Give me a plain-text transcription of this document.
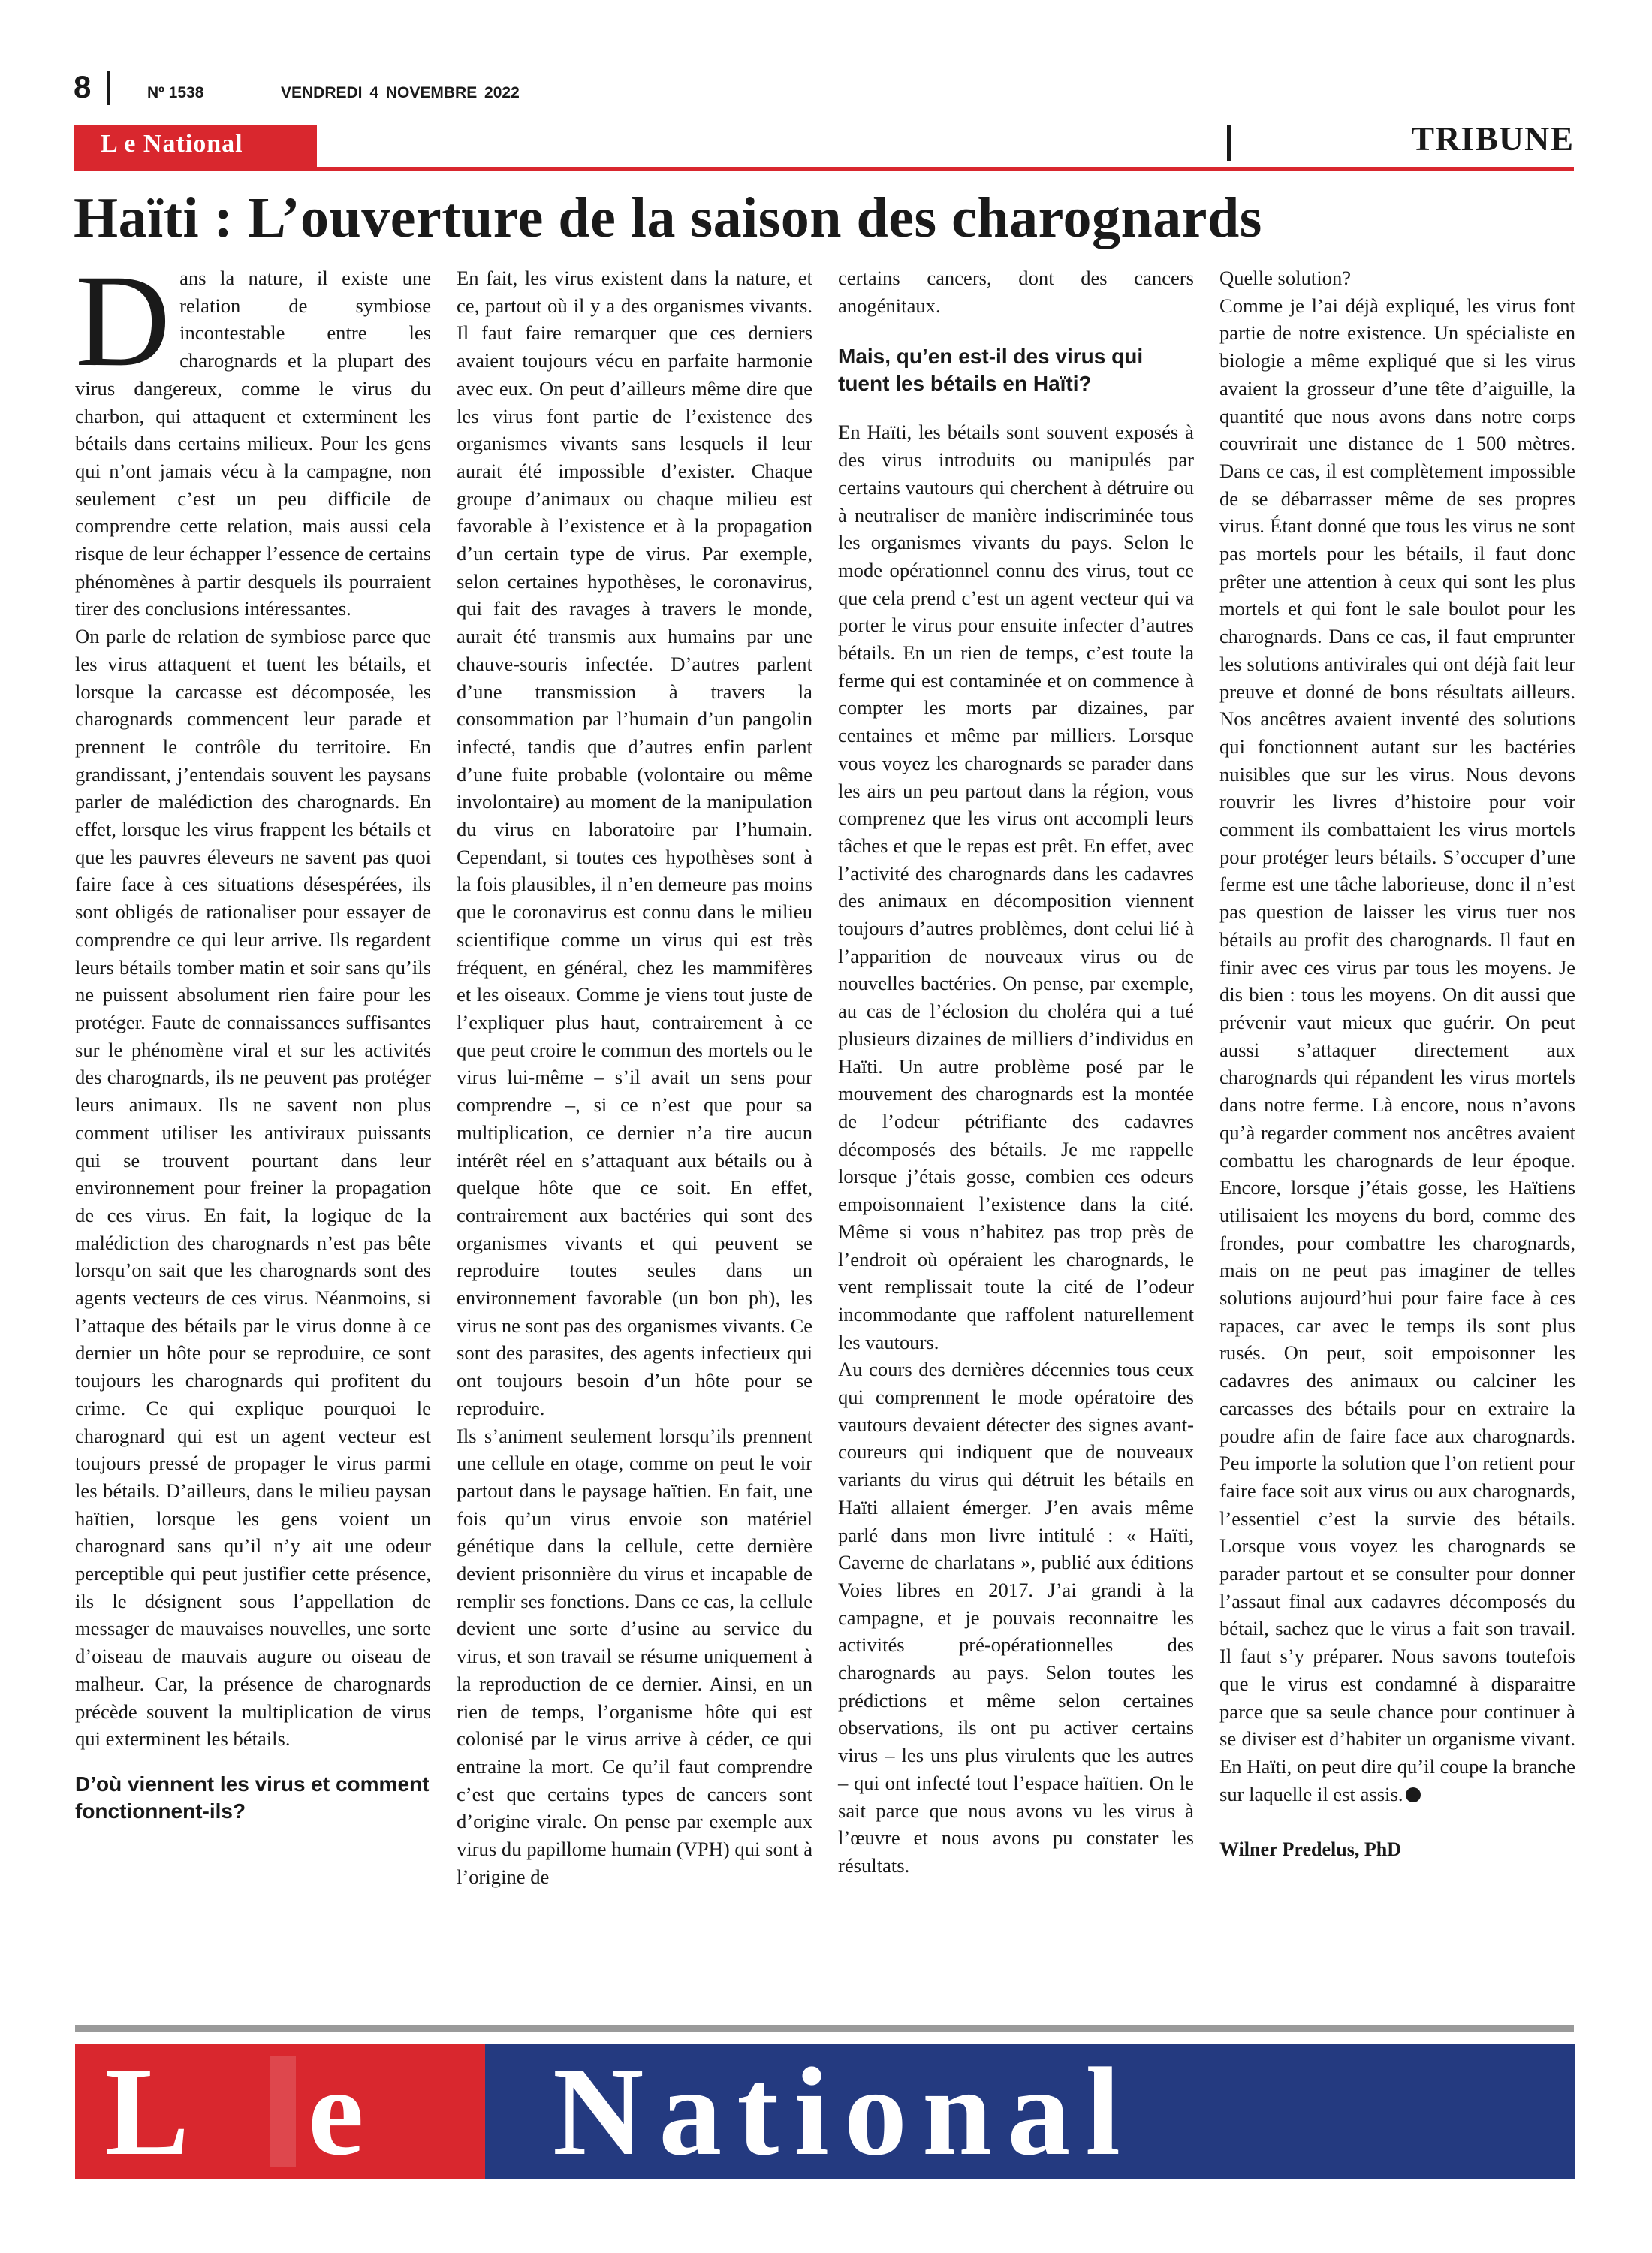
8	Nº 1538	VENDREDI 4 NOVEMBRE 2022
L e National	TRIBUNE
Haïti : L’ouverture de la saison des charognards

Dans la nature, il existe une relation de symbiose incontestable entre les charognards et la plupart des virus dangereux, comme le virus du charbon, qui attaquent et exterminent les bétails dans certains milieux. Pour les gens qui n’ont jamais vécu à la campagne, non seulement c’est un peu difficile de comprendre cette relation, mais aussi cela risque de leur échapper l’essence de certains phénomènes à partir desquels ils pourraient tirer des conclusions intéressantes.

On parle de relation de symbiose parce que les virus attaquent et tuent les bétails, et lorsque la carcasse est décomposée, les charognards commencent leur parade et prennent le contrôle du territoire. En grandissant, j’entendais souvent les paysans parler de malédiction des charognards. En effet, lorsque les virus frappent les bétails et que les pauvres éleveurs ne savent pas quoi faire face à ces situations désespérées, ils sont obligés de rationaliser pour essayer de comprendre ce qui leur arrive. Ils regardent leurs bétails tomber matin et soir sans qu’ils ne puissent absolument rien faire pour les protéger. Faute de connaissances suffisantes sur le phénomène viral et sur les activités des charognards, ils ne peuvent pas protéger leurs animaux. Ils ne savent non plus comment utiliser les antiviraux puissants qui se trouvent pourtant dans leur environnement pour freiner la propagation de ces virus. En fait, la logique de la malédiction des charognards n’est pas bête lorsqu’on sait que les charognards sont des agents vecteurs de ces virus. Néanmoins, si l’attaque des bétails par le virus donne à ce dernier un hôte pour se reproduire, ce sont toujours les charognards qui profitent du crime. Ce qui explique pourquoi le charognard qui est un agent vecteur est toujours pressé de propager le virus parmi les bétails. D’ailleurs, dans le milieu paysan haïtien, lorsque les gens voient un charognard sans qu’il n’y ait une odeur perceptible qui peut justifier cette présence, ils le désignent sous l’appellation de messager de mauvaises nouvelles, une sorte d’oiseau de mauvais augure ou oiseau de malheur. Car, la présence de charognards précède souvent la multiplication de virus qui exterminent les bétails.

D’où viennent les virus et comment fonctionnent-ils?

En fait, les virus existent dans la nature, et ce, partout où il y a des organismes vivants. Il faut faire remarquer que ces derniers avaient toujours vécu en parfaite harmonie avec eux. On peut d’ailleurs même dire que les virus font partie de l’existence des organismes vivants sans lesquels il leur aurait été impossible d’exister. Chaque groupe d’animaux ou chaque milieu est favorable à l’existence et à la propagation d’un certain type de virus. Par exemple, selon certaines hypothèses, le coronavirus, qui fait des ravages à travers le monde, aurait été transmis aux humains par une chauve-souris infectée. D’autres parlent d’une transmission à travers la consommation par l’humain d’un pangolin infecté, tandis que d’autres enfin parlent d’une fuite probable (volontaire ou même involontaire) au moment de la manipulation du virus en laboratoire par l’humain. Cependant, si toutes ces hypothèses sont à la fois plausibles, il n’en demeure pas moins que le coronavirus est connu dans le milieu scientifique comme un virus qui est très fréquent, en général, chez les mammifères et les oiseaux. Comme je viens tout juste de l’expliquer plus haut, contrairement à ce que peut croire le commun des mortels ou le virus lui-même – s’il avait un sens pour comprendre –, si ce n’est que pour sa multiplication, ce dernier n’a tire aucun intérêt réel en s’attaquant aux bétails ou à quelque hôte que ce soit. En effet, contrairement aux bactéries qui sont des organismes vivants et qui peuvent se reproduire toutes seules dans un environnement favorable (un bon ph), les virus ne sont pas des organismes vivants. Ce sont des parasites, des agents infectieux qui ont toujours besoin d’un hôte pour se reproduire.

Ils s’animent seulement lorsqu’ils prennent une cellule en otage, comme on peut le voir partout dans le paysage haïtien. En fait, une fois qu’un virus envoie son matériel génétique dans la cellule, cette dernière devient prisonnière du virus et incapable de remplir ses fonctions. Dans ce cas, la cellule devient une sorte d’usine au service du virus, et son travail se résume uniquement à la reproduction de ce dernier. Ainsi, en un rien de temps, l’organisme hôte qui est colonisé par le virus arrive à céder, ce qui entraine la mort. Ce qu’il faut comprendre c’est que certains types de cancers sont d’origine virale. On pense par exemple aux virus du papillome humain (VPH) qui sont à l’origine de

certains cancers, dont des cancers anogénitaux.

Mais, qu’en est-il des virus qui tuent les bétails en Haïti?

En Haïti, les bétails sont souvent exposés à des virus introduits ou manipulés par certains vautours qui cherchent à détruire ou à neutraliser de manière indiscriminée tous les organismes vivants du pays. Selon le mode opérationnel connu des virus, tout ce que cela prend c’est un agent vecteur qui va porter le virus pour ensuite infecter d’autres bétails. En un rien de temps, c’est toute la ferme qui est contaminée et on commence à compter les morts par dizaines, par centaines et même par milliers. Lorsque vous voyez les charognards se parader dans les airs un peu partout dans la région, vous comprenez que les virus ont accompli leurs tâches et que le repas est prêt. En effet, avec l’activité des charognards dans les cadavres des animaux en décomposition viennent toujours d’autres problèmes, dont celui lié à l’apparition de nouveaux virus ou de nouvelles bactéries. On pense, par exemple, au cas de l’éclosion du choléra qui a tué plusieurs dizaines de milliers d’individus en Haïti. Un autre problème posé par le mouvement des charognards est la montée de l’odeur pétrifiante des cadavres décomposés des bétails. Je me rappelle lorsque j’étais gosse, combien ces odeurs empoisonnaient l’existence dans la cité. Même si vous n’habitez pas trop près de l’endroit où opéraient les charognards, le vent remplissait toute la cité de l’odeur incommodante que raffolent naturellement les vautours.

Au cours des dernières décennies tous ceux qui comprennent le mode opératoire des vautours devaient détecter des signes avant-coureurs qui indiquent que de nouveaux variants du virus qui détruit les bétails en Haïti allaient émerger. J’en avais même parlé dans mon livre intitulé : « Haïti, Caverne de charlatans », publié aux éditions Voies libres en 2017. J’ai grandi à la campagne, et je pouvais reconnaitre les activités pré-opérationnelles des charognards au pays. Selon toutes les prédictions et même selon certaines observations, ils ont pu activer certains virus – les uns plus virulents que les autres – qui ont infecté tout l’espace haïtien. On le sait parce que nous avons vu les virus à l’œuvre et nous avons pu constater les résultats.

Quelle solution?

Comme je l’ai déjà expliqué, les virus font partie de notre existence. Un spécialiste en biologie a même expliqué que si les virus avaient la grosseur d’une tête d’aiguille, la quantité que nous avons dans notre corps couvrirait une distance de 1 500 mètres. Dans ce cas, il est complètement impossible de se débarrasser même de ses propres virus. Étant donné que tous les virus ne sont pas mortels pour les bétails, il faut donc prêter une attention à ceux qui sont les plus mortels et qui font le sale boulot pour les charognards. Dans ce cas, il faut emprunter les solutions antivirales qui ont déjà fait leur preuve et donné de bons résultats ailleurs. Nos ancêtres avaient inventé des solutions qui fonctionnent autant sur les bactéries nuisibles que sur les virus. Nous devons rouvrir les livres d’histoire pour voir comment ils combattaient les virus mortels pour protéger leurs bétails. S’occuper d’une ferme est une tâche laborieuse, donc il n’est pas question de laisser les virus tuer nos bétails au profit des charognards. Il faut en finir avec ces virus par tous les moyens. Je dis bien : tous les moyens. On dit aussi que prévenir vaut mieux que guérir. On peut aussi s’attaquer directement aux charognards qui répandent les virus mortels dans notre ferme. Là encore, nous n’avons qu’à regarder comment nos ancêtres avaient combattu les charognards de leur époque. Encore, lorsque j’étais gosse, les Haïtiens utilisaient les moyens du bord, comme des frondes, pour combattre les charognards, mais on ne peut pas imaginer de telles solutions aujourd’hui pour faire face à ces rapaces, car avec le temps ils sont plus rusés. On peut, soit empoisonner les cadavres des animaux ou calciner les carcasses des bétails pour en extraire la poudre afin de faire face aux charognards. Peu importe la solution que l’on retient pour faire face soit aux virus ou aux charognards, l’essentiel c’est la survie des bétails. Lorsque vous voyez les charognards se parader partout et se consulter pour donner l’assaut final aux cadavres décomposés du bétail, sachez que le virus a fait son travail. Il faut s’y préparer. Nous savons toutefois que le virus est condamné à disparaitre parce que sa seule chance pour continuer à se diviser est d’habiter un organisme vivant. En Haïti, on peut dire qu’il coupe la branche sur laquelle il est assis.

Wilner Predelus, PhD
L e National
